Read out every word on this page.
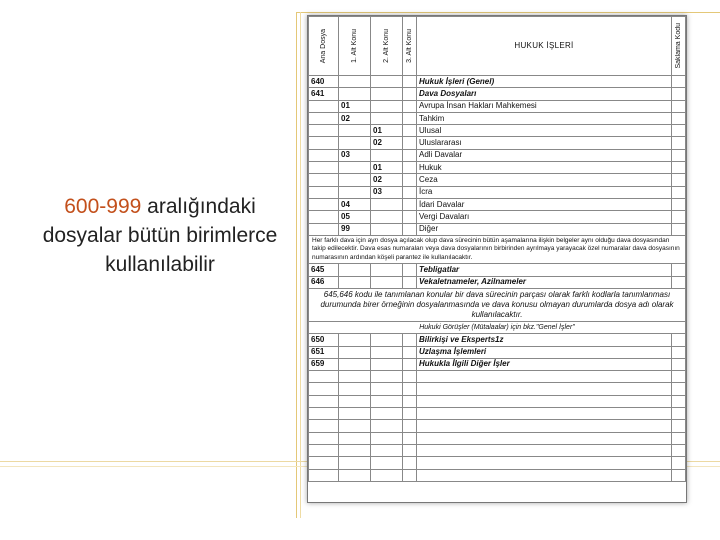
600-999 aralığındaki dosyalar bütün birimlerce kullanılabilir
Ana Dosya	1. Alt Konu	2. Alt Konu	3. Alt Konu	HUKUK İŞLERİ	Saklama Kodu

640				Hukuk İşleri (Genel)	
641				Dava Dosyaları	
	01			Avrupa İnsan Hakları Mahkemesi	
	02			Tahkim	
		01		Ulusal	
		02		Uluslararası	
	03			Adli Davalar	
		01		Hukuk	
		02		Ceza	
		03		İcra	
	04			İdari Davalar	
	05			Vergi Davaları	
	99			Diğer	
Her farklı dava için ayrı dosya açılacak olup dava sürecinin bütün aşamalarına ilişkin belgeler aynı olduğu dava dosyasından takip edilecektir. Dava esas numaraları veya dava dosyalarının birbirinden ayrılmaya yarayacak özel numaralar dava dosyasının numarasının ardından köşeli parantez ile kullanılacaktır.					
645				Tebligatlar	
646				Vekaletnameler, Azilnameler	
645,646 kodu ile tanımlanan konular bir dava sürecinin parçası olarak farklı kodlarla tanımlanması durumunda birer örneğinin dosyalanmasında ve dava konusu olmayan durumlarda dosya adı olarak kullanılacaktır.					
Hukuki Görüşler (Mütalaalar) için bkz."Genel İşler"					
650				Bilirkişi ve Eksperts1z	
651				Uzlaşma İşlemleri	
659				Hukukla İlgili Diğer İşler	
